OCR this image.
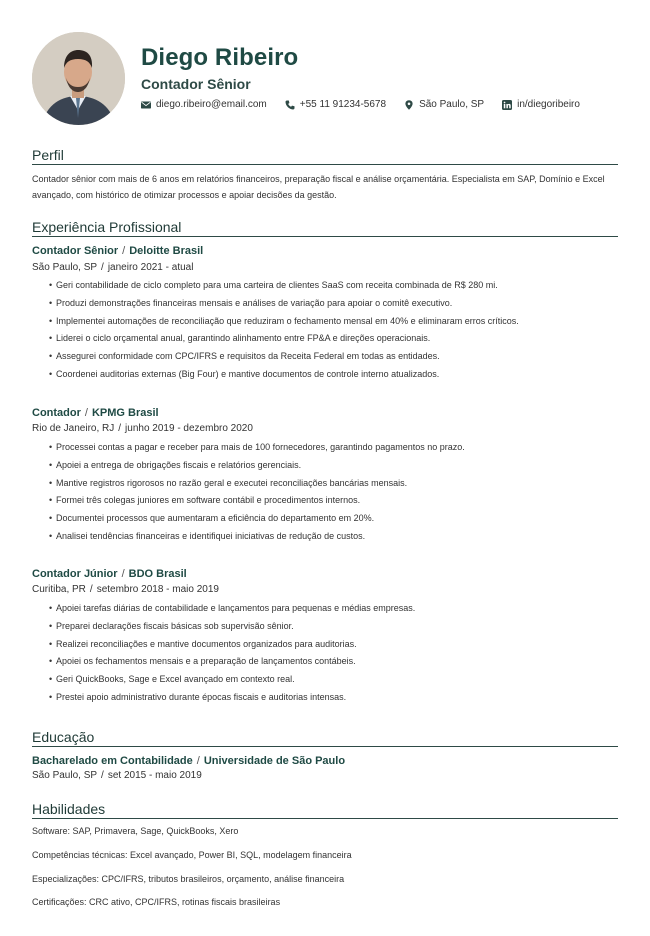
Diego Ribeiro
Contador Sênior
diego.ribeiro@email.com	+55 11 91234-5678	São Paulo, SP	in/diegoribeiro
Perfil

Contador sênior com mais de 6 anos em relatórios financeiros, preparação fiscal e análise orçamentária. Especialista em SAP, Domínio e Excel avançado, com histórico de otimizar processos e apoiar decisões da gestão.

Experiência Profissional
Contador Sênior / Deloitte Brasil
São Paulo, SP / janeiro 2021 - atual
• Geri contabilidade de ciclo completo para uma carteira de clientes SaaS com receita combinada de R$ 280 mi.
• Produzi demonstrações financeiras mensais e análises de variação para apoiar o comitê executivo.
• Implementei automações de reconciliação que reduziram o fechamento mensal em 40% e eliminaram erros críticos.
• Liderei o ciclo orçamental anual, garantindo alinhamento entre FP&A e direções operacionais.
• Assegurei conformidade com CPC/IFRS e requisitos da Receita Federal em todas as entidades.
• Coordenei auditorias externas (Big Four) e mantive documentos de controle interno atualizados.
Contador / KPMG Brasil
Rio de Janeiro, RJ / junho 2019 - dezembro 2020
• Processei contas a pagar e receber para mais de 100 fornecedores, garantindo pagamentos no prazo.
• Apoiei a entrega de obrigações fiscais e relatórios gerenciais.
• Mantive registros rigorosos no razão geral e executei reconciliações bancárias mensais.
• Formei três colegas juniores em software contábil e procedimentos internos.
• Documentei processos que aumentaram a eficiência do departamento em 20%.
• Analisei tendências financeiras e identifiquei iniciativas de redução de custos.
Contador Júnior / BDO Brasil
Curitiba, PR / setembro 2018 - maio 2019
• Apoiei tarefas diárias de contabilidade e lançamentos para pequenas e médias empresas.
• Preparei declarações fiscais básicas sob supervisão sênior.
• Realizei reconciliações e mantive documentos organizados para auditorias.
• Apoiei os fechamentos mensais e a preparação de lançamentos contábeis.
• Geri QuickBooks, Sage e Excel avançado em contexto real.
• Prestei apoio administrativo durante épocas fiscais e auditorias intensas.
Educação
Bacharelado em Contabilidade / Universidade de São Paulo
São Paulo, SP / set 2015 - maio 2019
Habilidades
Software: SAP, Primavera, Sage, QuickBooks, Xero
Competências técnicas: Excel avançado, Power BI, SQL, modelagem financeira
Especializações: CPC/IFRS, tributos brasileiros, orçamento, análise financeira
Certificações: CRC ativo, CPC/IFRS, rotinas fiscais brasileiras
